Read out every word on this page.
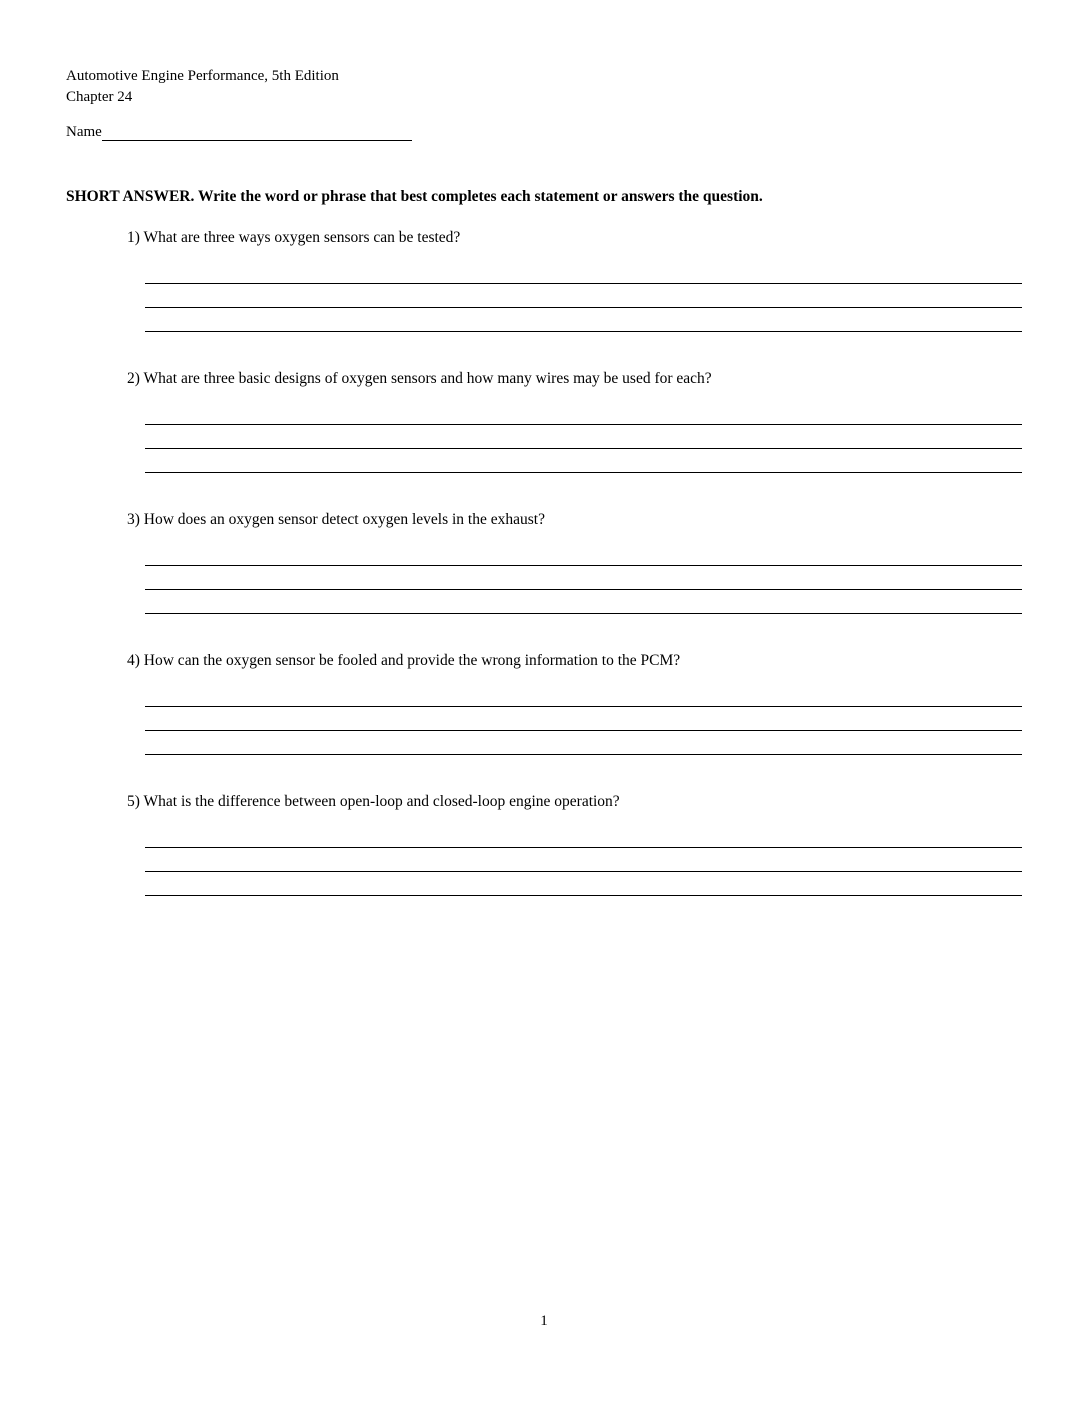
Automotive Engine Performance, 5th Edition
Chapter 24
Name
SHORT ANSWER. Write the word or phrase that best completes each statement or answers the question.
1) What are three ways oxygen sensors can be tested?
2) What are three basic designs of oxygen sensors and how many wires may be used for each?
3) How does an oxygen sensor detect oxygen levels in the exhaust?
4) How can the oxygen sensor be fooled and provide the wrong information to the PCM?
5) What is the difference between open-loop and closed-loop engine operation?
1
